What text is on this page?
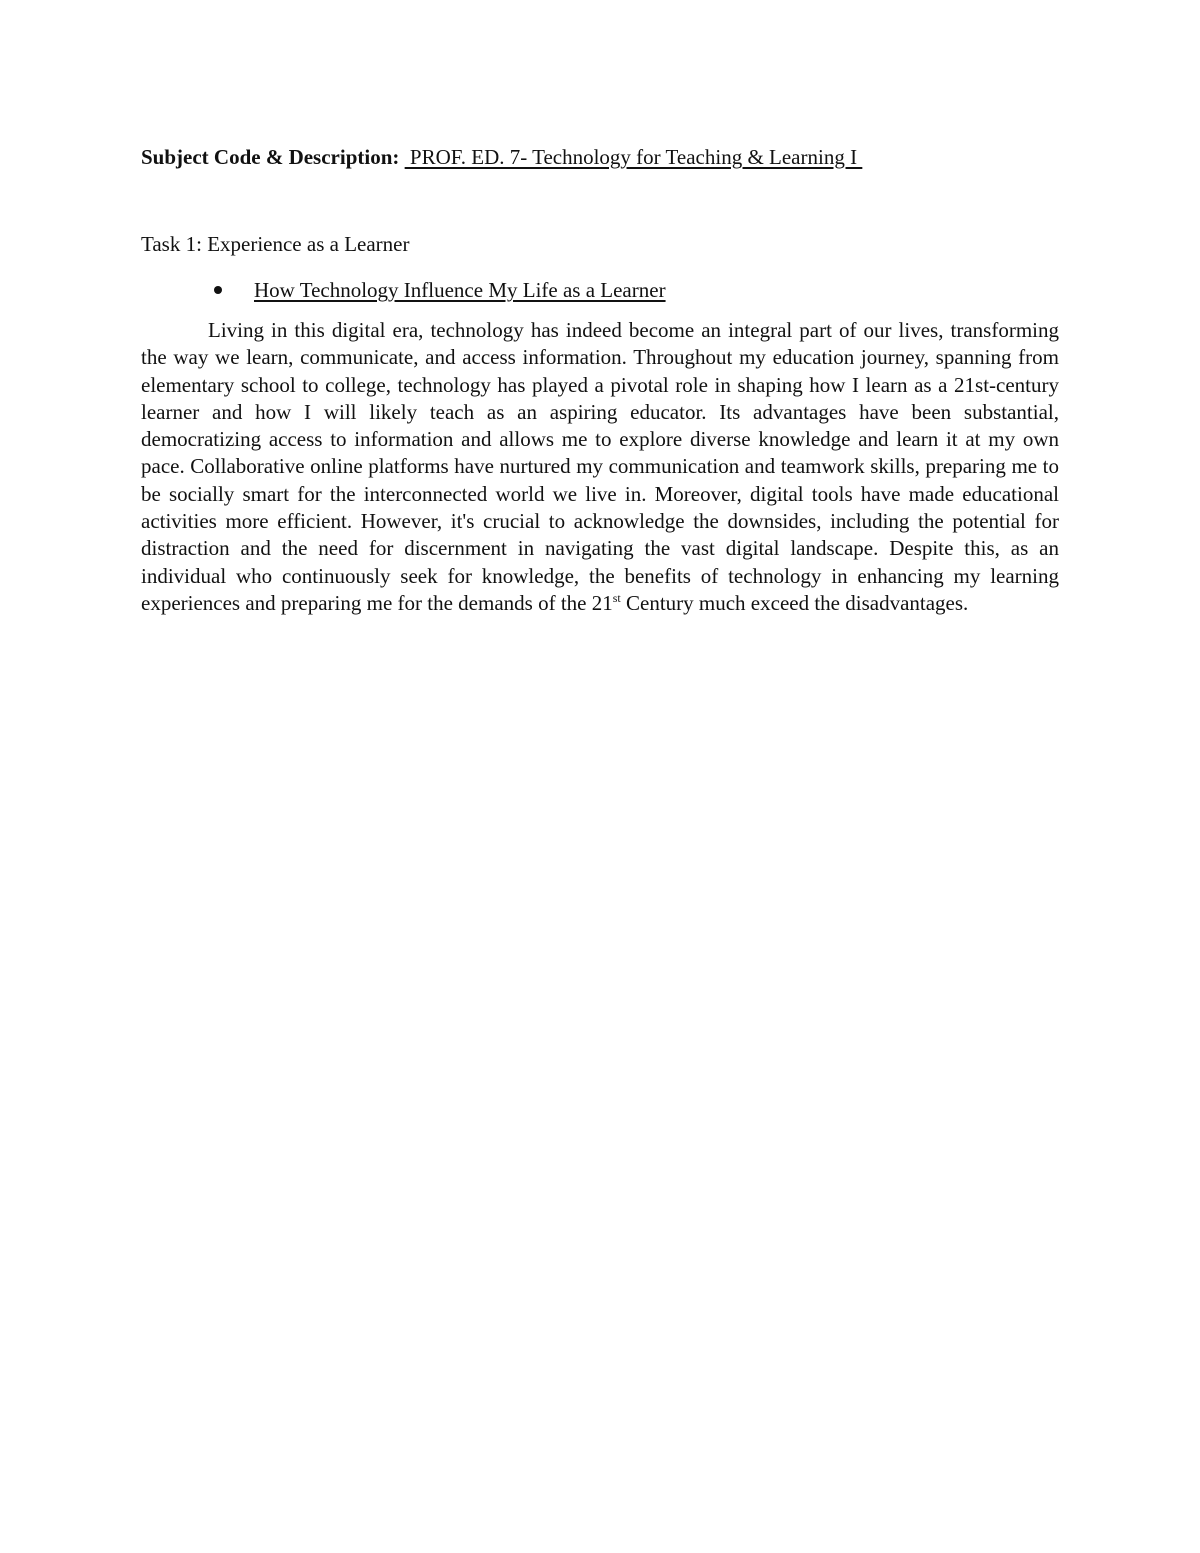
Subject Code & Description:  PROF. ED. 7- Technology for Teaching & Learning I
Task 1: Experience as a Learner
How Technology Influence My Life as a Learner

Living in this digital era, technology has indeed become an integral part of our lives, transforming the way we learn, communicate, and access information. Throughout my education journey, spanning from elementary school to college, technology has played a pivotal role in shaping how I learn as a 21st-century learner and how I will likely teach as an aspiring educator. Its advantages have been substantial, democratizing access to information and allows me to explore diverse knowledge and learn it at my own pace. Collaborative online platforms have nurtured my communication and teamwork skills, preparing me to be socially smart for the interconnected world we live in. Moreover, digital tools have made educational activities more efficient. However, it's crucial to acknowledge the downsides, including the potential for distraction and the need for discernment in navigating the vast digital landscape. Despite this, as an individual who continuously seek for knowledge, the benefits of technology in enhancing my learning experiences and preparing me for the demands of the 21st Century much exceed the disadvantages.
